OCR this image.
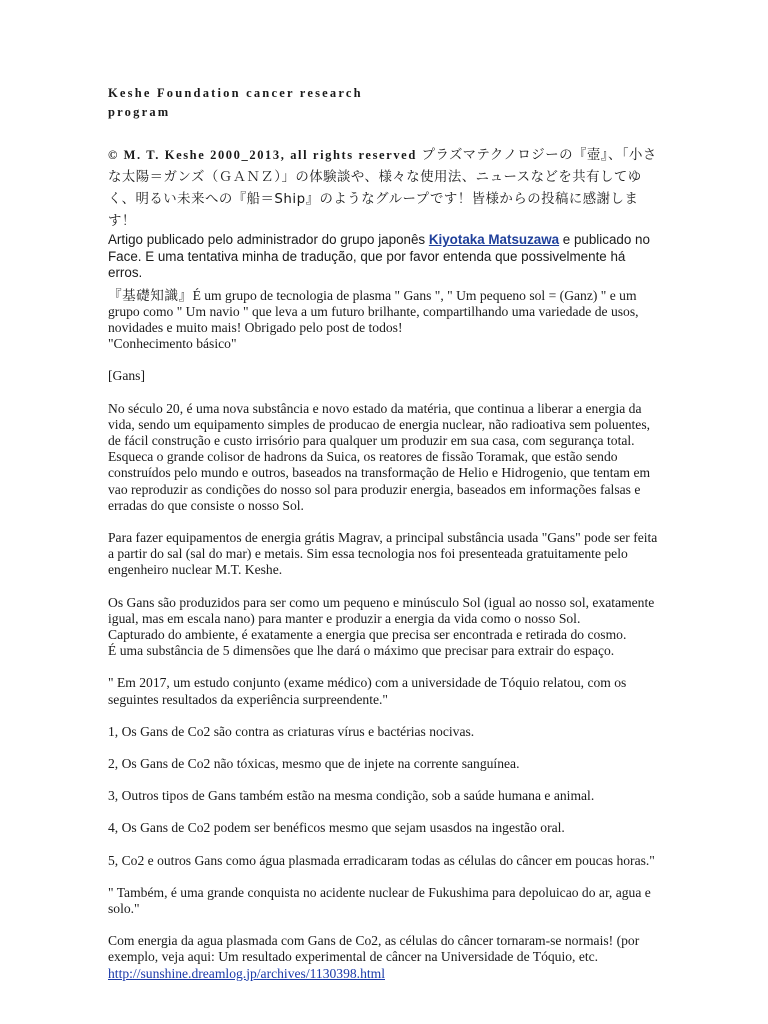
Keshe Foundation cancer research
program

© M. T. Keshe 2000_2013, all rights reserved プラズマテクノロジーの『壺』、「小さな太陽＝ガンズ（ＧＡＮＺ）」の体験談や、様々な使用法、ニュースなどを共有してゆく、明るい未来への『船＝Ship』のようなグループです！皆様からの投稿に感謝します！

Artigo publicado pelo administrador do grupo japonês Kiyotaka Matsuzawa e publicado no Face. E uma tentativa minha de tradução, que por favor entenda que possivelmente há erros.

『基礎知識』É um grupo de tecnologia de plasma " Gans ", " Um pequeno sol = (Ganz) " e um grupo como " Um navio " que leva a um futuro brilhante, compartilhando uma variedade de usos, novidades e muito mais! Obrigado pelo post de todos!

"Conhecimento básico"

[Gans]

No século 20, é uma nova substância e novo estado da matéria, que continua a liberar a energia da vida, sendo um equipamento simples de producao de energia nuclear, não radioativa sem poluentes, de fácil construção e custo irrisório para qualquer um produzir em sua casa, com segurança total. Esqueca o grande colisor de hadrons da Suica, os reatores de fissão Toramak, que estão sendo construídos pelo mundo e outros, baseados na transformação de Helio e Hidrogenio, que tentam em vao reproduzir as condições do nosso sol para produzir energia, baseados em informações falsas e erradas do que consiste o nosso Sol.

Para fazer equipamentos de energia grátis Magrav, a principal substância usada "Gans" pode ser feita a partir do sal (sal do mar) e metais. Sim essa tecnologia nos foi presenteada gratuitamente pelo engenheiro nuclear M.T. Keshe.

Os Gans são produzidos para ser como um pequeno e minúsculo Sol (igual ao nosso sol, exatamente igual, mas em escala nano) para manter e produzir a energia da vida como o nosso Sol.

Capturado do ambiente, é exatamente a energia que precisa ser encontrada e retirada do cosmo.

É uma substância de 5 dimensões que lhe dará o máximo que precisar para extrair do espaço.

" Em 2017, um estudo conjunto (exame médico) com a universidade de Tóquio relatou, com os seguintes resultados da experiência surpreendente."

1, Os Gans de Co2 são contra as criaturas vírus e bactérias nocivas.

2, Os Gans de Co2 não tóxicas, mesmo que de injete na corrente sanguínea.

3, Outros tipos de Gans também estão na mesma condição, sob a saúde humana e animal.

4, Os Gans de Co2 podem ser benéficos mesmo que sejam usasdos na ingestão oral.

5, Co2 e outros Gans como água plasmada erradicaram todas as células do câncer em poucas horas."

" Também, é uma grande conquista no acidente nuclear de Fukushima para depoluicao do ar, agua e solo."

Com energia da agua plasmada com Gans de Co2, as células do câncer tornaram-se normais! (por exemplo, veja aqui: Um resultado experimental de câncer na Universidade de Tóquio, etc.
http://sunshine.dreamlog.jp/archives/1130398.html
